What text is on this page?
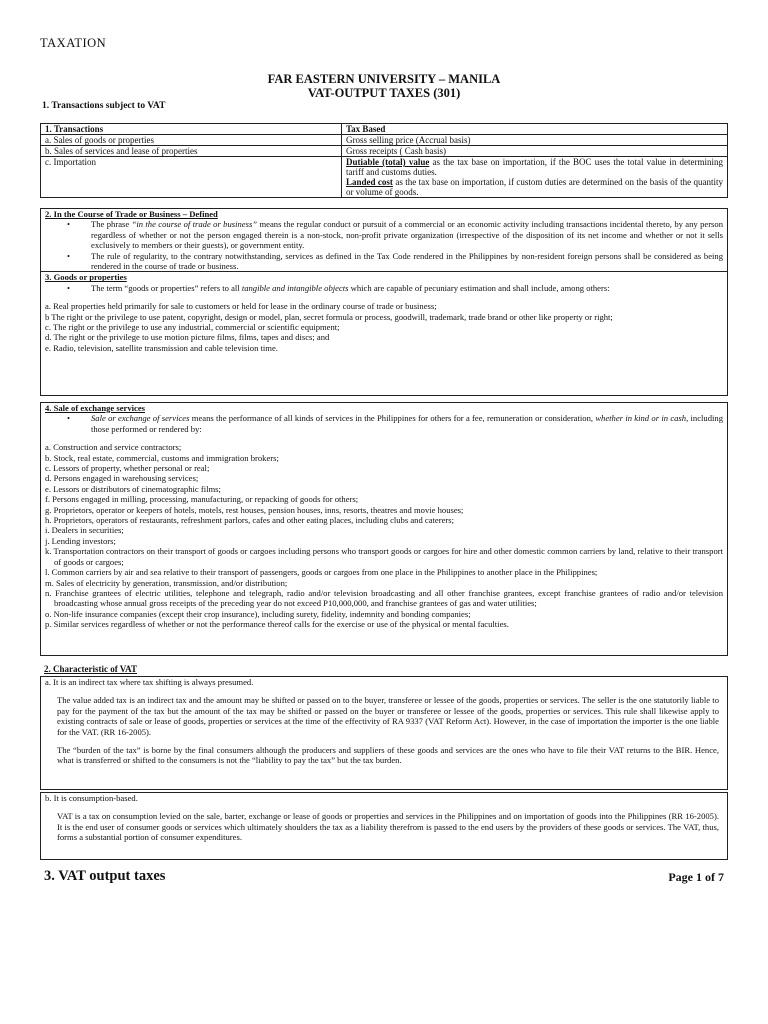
TAXATION
FAR EASTERN UNIVERSITY – MANILA
VAT-OUTPUT TAXES (301)
1. Transactions subject to VAT
1. Transactions	Tax Based
a. Sales of goods or properties	Gross selling price (Accrual basis)
b. Sales of services and lease of properties	Gross receipts ( Cash basis)
c. Importation	Dutiable (total) value as the tax base on importation, if the BOC uses the total value in determining tariff and customs duties.
Landed cost as the tax base on importation, if custom duties are determined on the basis of the quantity or volume of goods.
2. In the Course of Trade or Business – Defined
• The phrase “in the course of trade or business” means the regular conduct or pursuit of a commercial or an economic activity including transactions incidental thereto, by any person regardless of whether or not the person engaged therein is a non-stock, non-profit private organization (irrespective of the disposition of its net income and whether or not it sells exclusively to members or their guests), or government entity.
• The rule of regularity, to the contrary notwithstanding, services as defined in the Tax Code rendered in the Philippines by non-resident foreign persons shall be considered as being rendered in the course of trade or business.
3. Goods or properties
• The term “goods or properties” refers to all tangible and intangible objects which are capable of pecuniary estimation and shall include, among others:
a. Real properties held primarily for sale to customers or held for lease in the ordinary course of trade or business;
b The right or the privilege to use patent, copyright, design or model, plan, secret formula or process, goodwill, trademark, trade brand or other like property or right;
c. The right or the privilege to use any industrial, commercial or scientific equipment;
d. The right or the privilege to use motion picture films, films, tapes and discs; and
e. Radio, television, satellite transmission and cable television time.
4. Sale of exchange services
• Sale or exchange of services means the performance of all kinds of services in the Philippines for others for a fee, remuneration or consideration, whether in kind or in cash, including those performed or rendered by:
a. Construction and service contractors;
b. Stock, real estate, commercial, customs and immigration brokers;
c. Lessors of property, whether personal or real;
d. Persons engaged in warehousing services;
e. Lessors or distributors of cinematographic films;
f. Persons engaged in milling, processing, manufacturing, or repacking of goods for others;
g. Proprietors, operator or keepers of hotels, motels, rest houses, pension houses, inns, resorts, theatres and movie houses;
h. Proprietors, operators of restaurants, refreshment parlors, cafes and other eating places, including clubs and caterers;
i. Dealers in securities;
j. Lending investors;
k. Transportation contractors on their transport of goods or cargoes including persons who transport goods or cargoes for hire and other domestic common carriers by land, relative to their transport of goods or cargoes;
l. Common carriers by air and sea relative to their transport of passengers, goods or cargoes from one place in the Philippines to another place in the Philippines;
m. Sales of electricity by generation, transmission, and/or distribution;
n. Franchise grantees of electric utilities, telephone and telegraph, radio and/or television broadcasting and all other franchise grantees, except franchise grantees of radio and/or television broadcasting whose annual gross receipts of the preceding year do not exceed P10,000,000, and franchise grantees of gas and water utilities;
o. Non-life insurance companies (except their crop insurance), including surety, fidelity, indemnity and bonding companies;
p. Similar services regardless of whether or not the performance thereof calls for the exercise or use of the physical or mental faculties.
2. Characteristic of VAT
a. It is an indirect tax where tax shifting is always presumed.
The value added tax is an indirect tax and the amount may be shifted or passed on to the buyer, transferee or lessee of the goods, properties or services. The seller is the one statutorily liable to pay for the payment of the tax but the amount of the tax may be shifted or passed on the buyer or transferee or lessee of the goods, properties or services. This rule shall likewise apply to existing contracts of sale or lease of goods, properties or services at the time of the effectivity of RA 9337 (VAT Reform Act). However, in the case of importation the importer is the one liable for the VAT. (RR 16-2005).
The “burden of the tax” is borne by the final consumers although the producers and suppliers of these goods and services are the ones who have to file their VAT returns to the BIR. Hence, what is transferred or shifted to the consumers is not the “liability to pay the tax” but the tax burden.
b. It is consumption-based.
VAT is a tax on consumption levied on the sale, barter, exchange or lease of goods or properties and services in the Philippines and on importation of goods into the Philippines (RR 16-2005). It is the end user of consumer goods or services which ultimately shoulders the tax as a liability therefrom is passed to the end users by the providers of these goods or services. The VAT, thus, forms a substantial portion of consumer expenditures.
3. VAT output taxes	Page 1 of 7
